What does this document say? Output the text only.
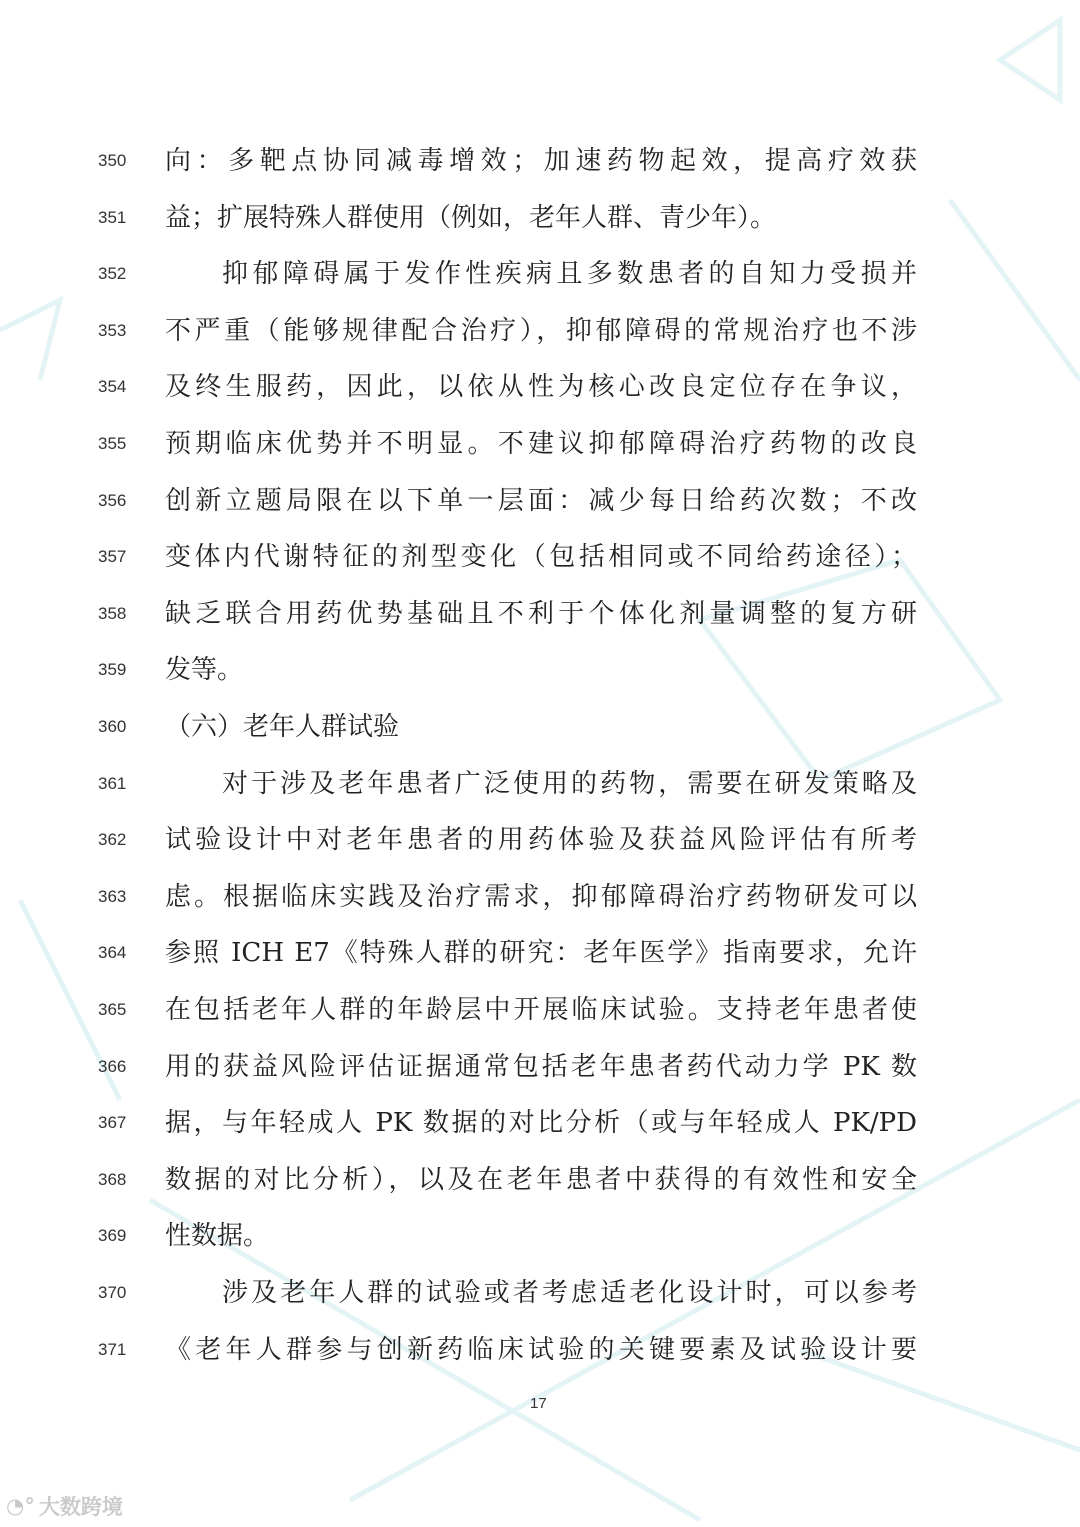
350	向：多靶点协同减毒增效；加速药物起效，提高疗效获
351	益；扩展特殊人群使用（例如，老年人群、青少年）。
352	抑郁障碍属于发作性疾病且多数患者的自知力受损并
353	不严重（能够规律配合治疗），抑郁障碍的常规治疗也不涉
354	及终生服药，因此，以依从性为核心改良定位存在争议，
355	预期临床优势并不明显。不建议抑郁障碍治疗药物的改良
356	创新立题局限在以下单一层面：减少每日给药次数；不改
357	变体内代谢特征的剂型变化（包括相同或不同给药途径）；
358	缺乏联合用药优势基础且不利于个体化剂量调整的复方研
359	发等。
360	（六）老年人群试验
361	对于涉及老年患者广泛使用的药物，需要在研发策略及
362	试验设计中对老年患者的用药体验及获益风险评估有所考
363	虑。根据临床实践及治疗需求，抑郁障碍治疗药物研发可以
364	参照 ICH E7《特殊人群的研究：老年医学》指南要求，允许
365	在包括老年人群的年龄层中开展临床试验。支持老年患者使
366	用的获益风险评估证据通常包括老年患者药代动力学 PK 数
367	据，与年轻成人 PK 数据的对比分析（或与年轻成人 PK/PD
368	数据的对比分析），以及在老年患者中获得的有效性和安全
369	性数据。
370	涉及老年人群的试验或者考虑适老化设计时，可以参考
371	《老年人群参与创新药临床试验的关键要素及试验设计要
17
◔° 大数跨境
